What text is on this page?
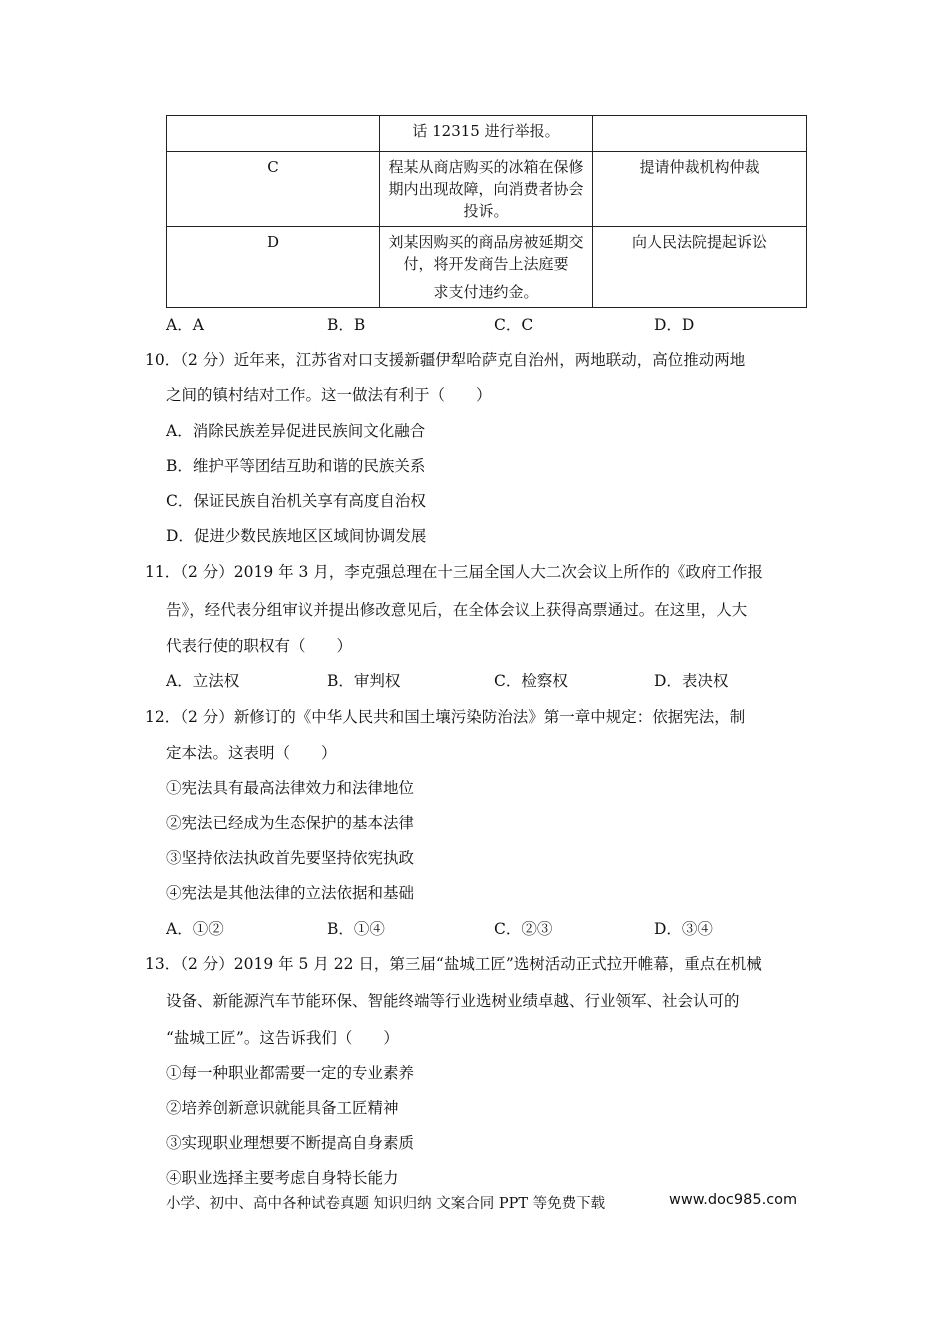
	话 12315 进行举报。	
C	程某从商店购买的冰箱在保修期内出现故障，向消费者协会投诉。	提请仲裁机构仲裁
D	刘某因购买的商品房被延期交付，将开发商告上法庭要
求支付违约金。	向人民法院提起诉讼
A．A	B．B	C．C	D．D
10．（2 分）近年来，江苏省对口支援新疆伊犁哈萨克自治州，两地联动，高位推动两地
之间的镇村结对工作。这一做法有利于（　　）
A．消除民族差异促进民族间文化融合
B．维护平等团结互助和谐的民族关系
C．保证民族自治机关享有高度自治权
D．促进少数民族地区区域间协调发展
11．（2 分）2019 年 3 月，李克强总理在十三届全国人大二次会议上所作的《政府工作报
告》，经代表分组审议并提出修改意见后，在全体会议上获得高票通过。在这里，人大
代表行使的职权有（　　）
A．立法权	B．审判权	C．检察权	D．表决权
12．（2 分）新修订的《中华人民共和国土壤污染防治法》第一章中规定：依据宪法，制
定本法。这表明（　　）
①宪法具有最高法律效力和法律地位
②宪法已经成为生态保护的基本法律
③坚持依法执政首先要坚持依宪执政
④宪法是其他法律的立法依据和基础
A．①②	B．①④	C．②③	D．③④
13．（2 分）2019 年 5 月 22 日，第三届“盐城工匠”选树活动正式拉开帷幕，重点在机械
设备、新能源汽车节能环保、智能终端等行业选树业绩卓越、行业领军、社会认可的
“盐城工匠”。这告诉我们（　　）
①每一种职业都需要一定的专业素养
②培养创新意识就能具备工匠精神
③实现职业理想要不断提高自身素质
④职业选择主要考虑自身特长能力
小学、初中、高中各种试卷真题 知识归纳 文案合同 PPT 等免费下载	www.doc985.com
